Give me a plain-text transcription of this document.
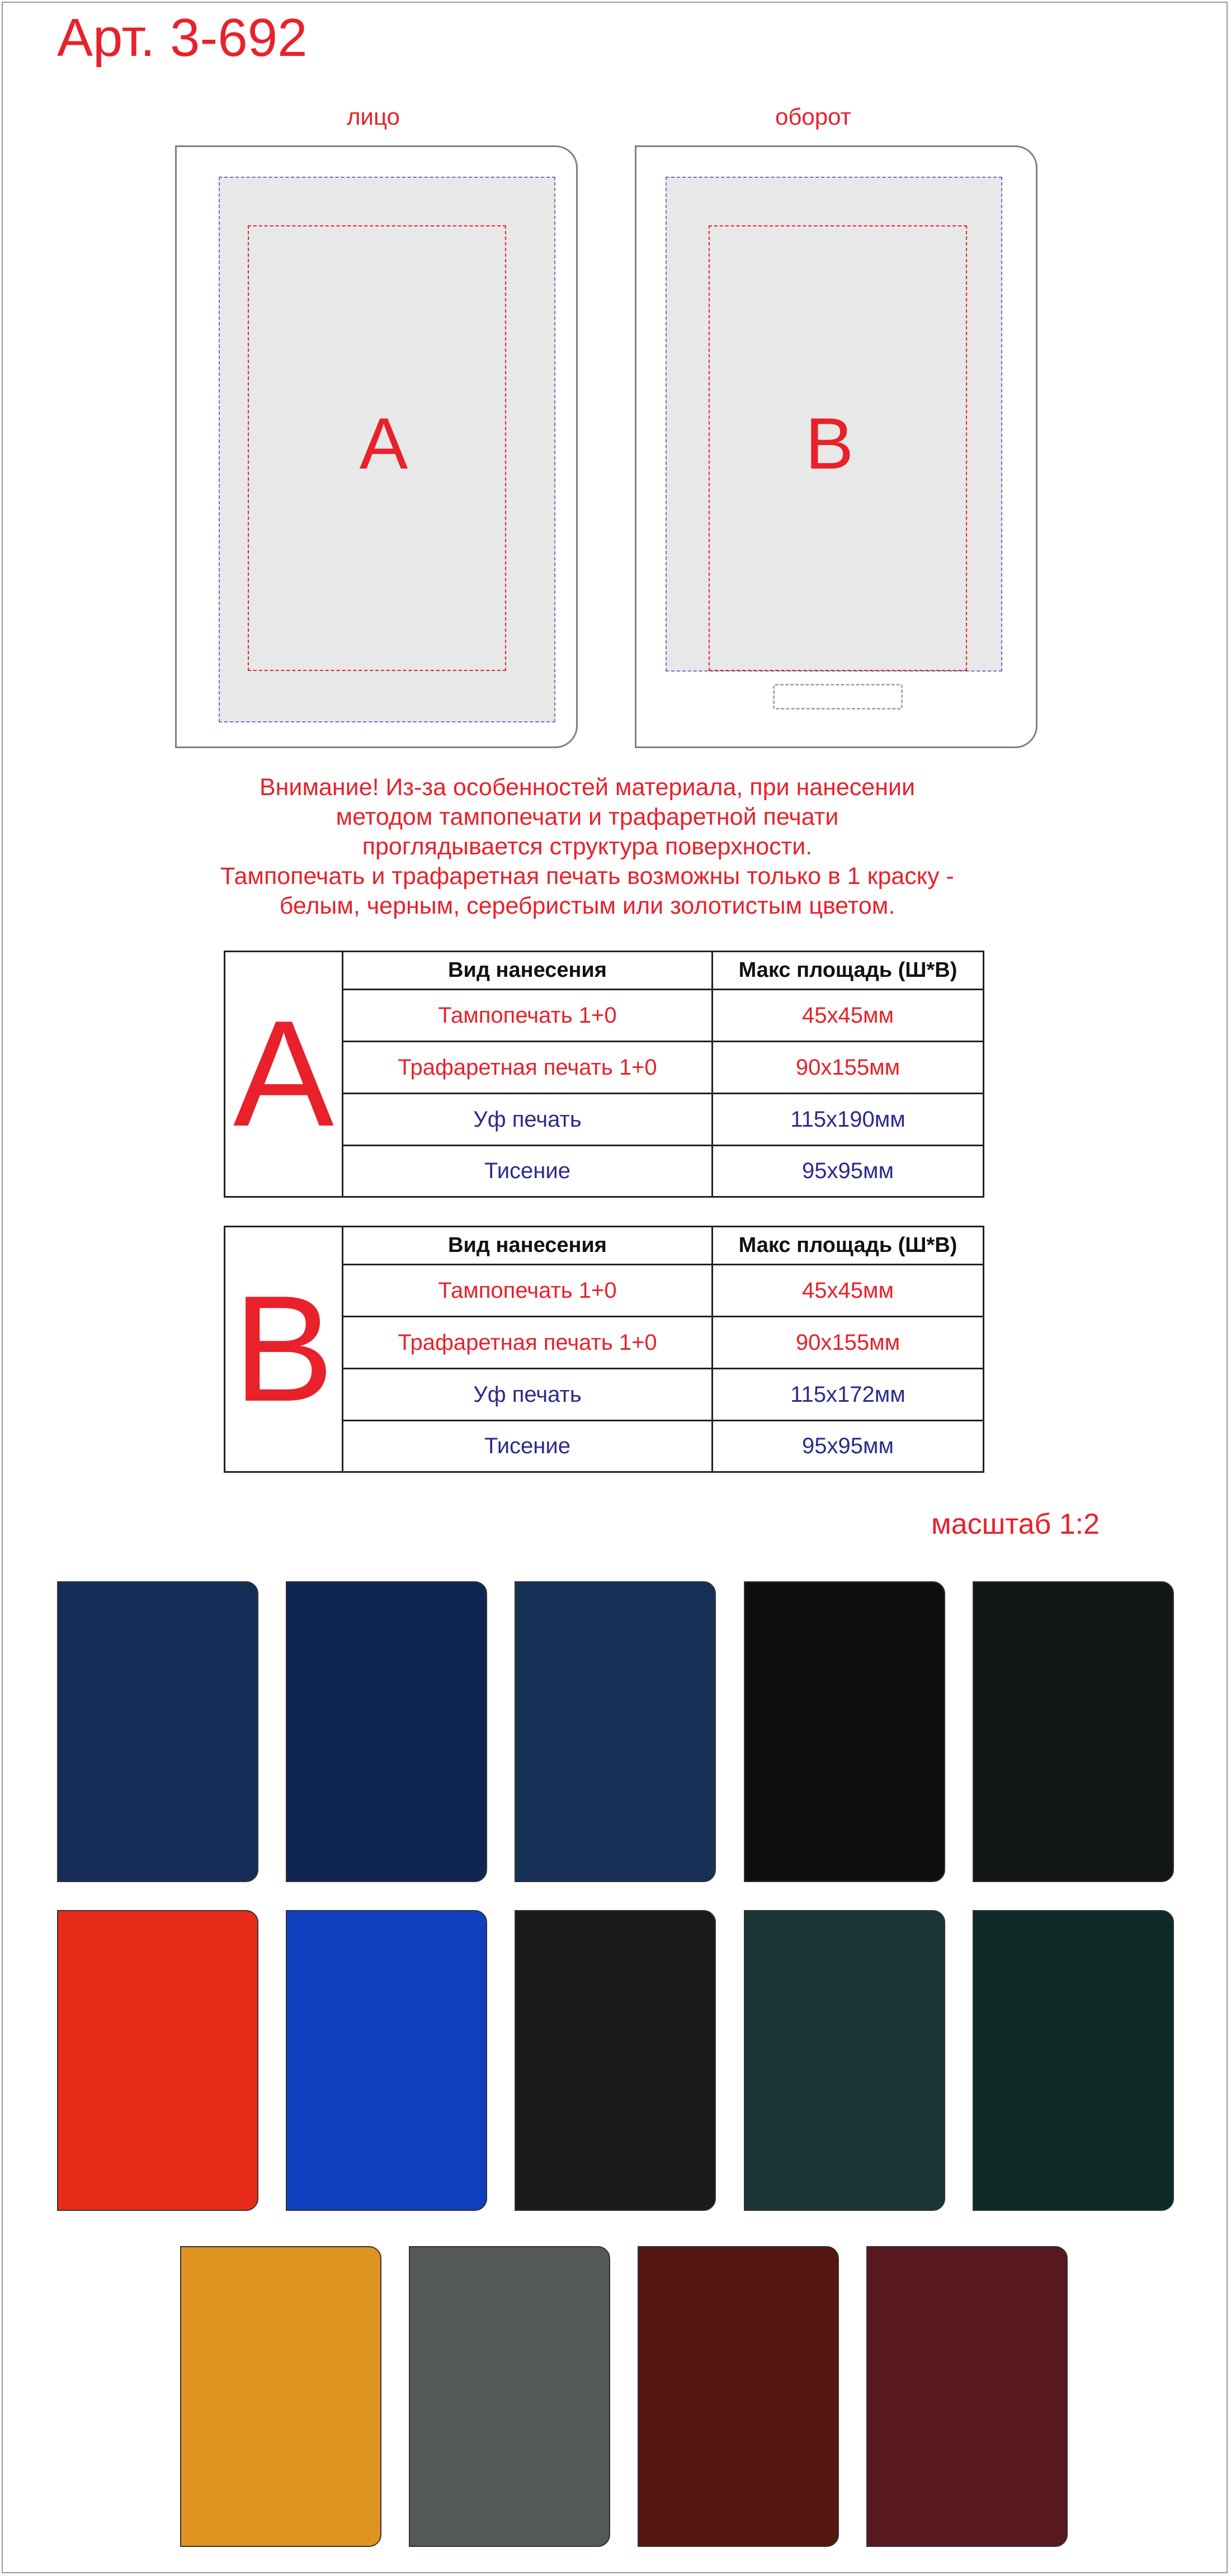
Арт. 3-692
лицо
A
оборот
B
Внимание! Из-за особенностей материала, при нанесении
методом тампопечати и трафаретной печати
проглядывается структура поверхности.
Тампопечать и трафаретная печать возможны только в 1 краску -
белым, черным, серебристым или золотистым цветом.
A
Вид нанесения	Макс площадь (Ш*В)
Тампопечать 1+0	45х45мм
Трафаретная печать 1+0	90х155мм
Уф печать	115х190мм
Тисение	95х95мм
B
Вид нанесения	Макс площадь (Ш*В)
Тампопечать 1+0	45х45мм
Трафаретная печать 1+0	90х155мм
Уф печать	115х172мм
Тисение	95х95мм
масштаб 1:2
